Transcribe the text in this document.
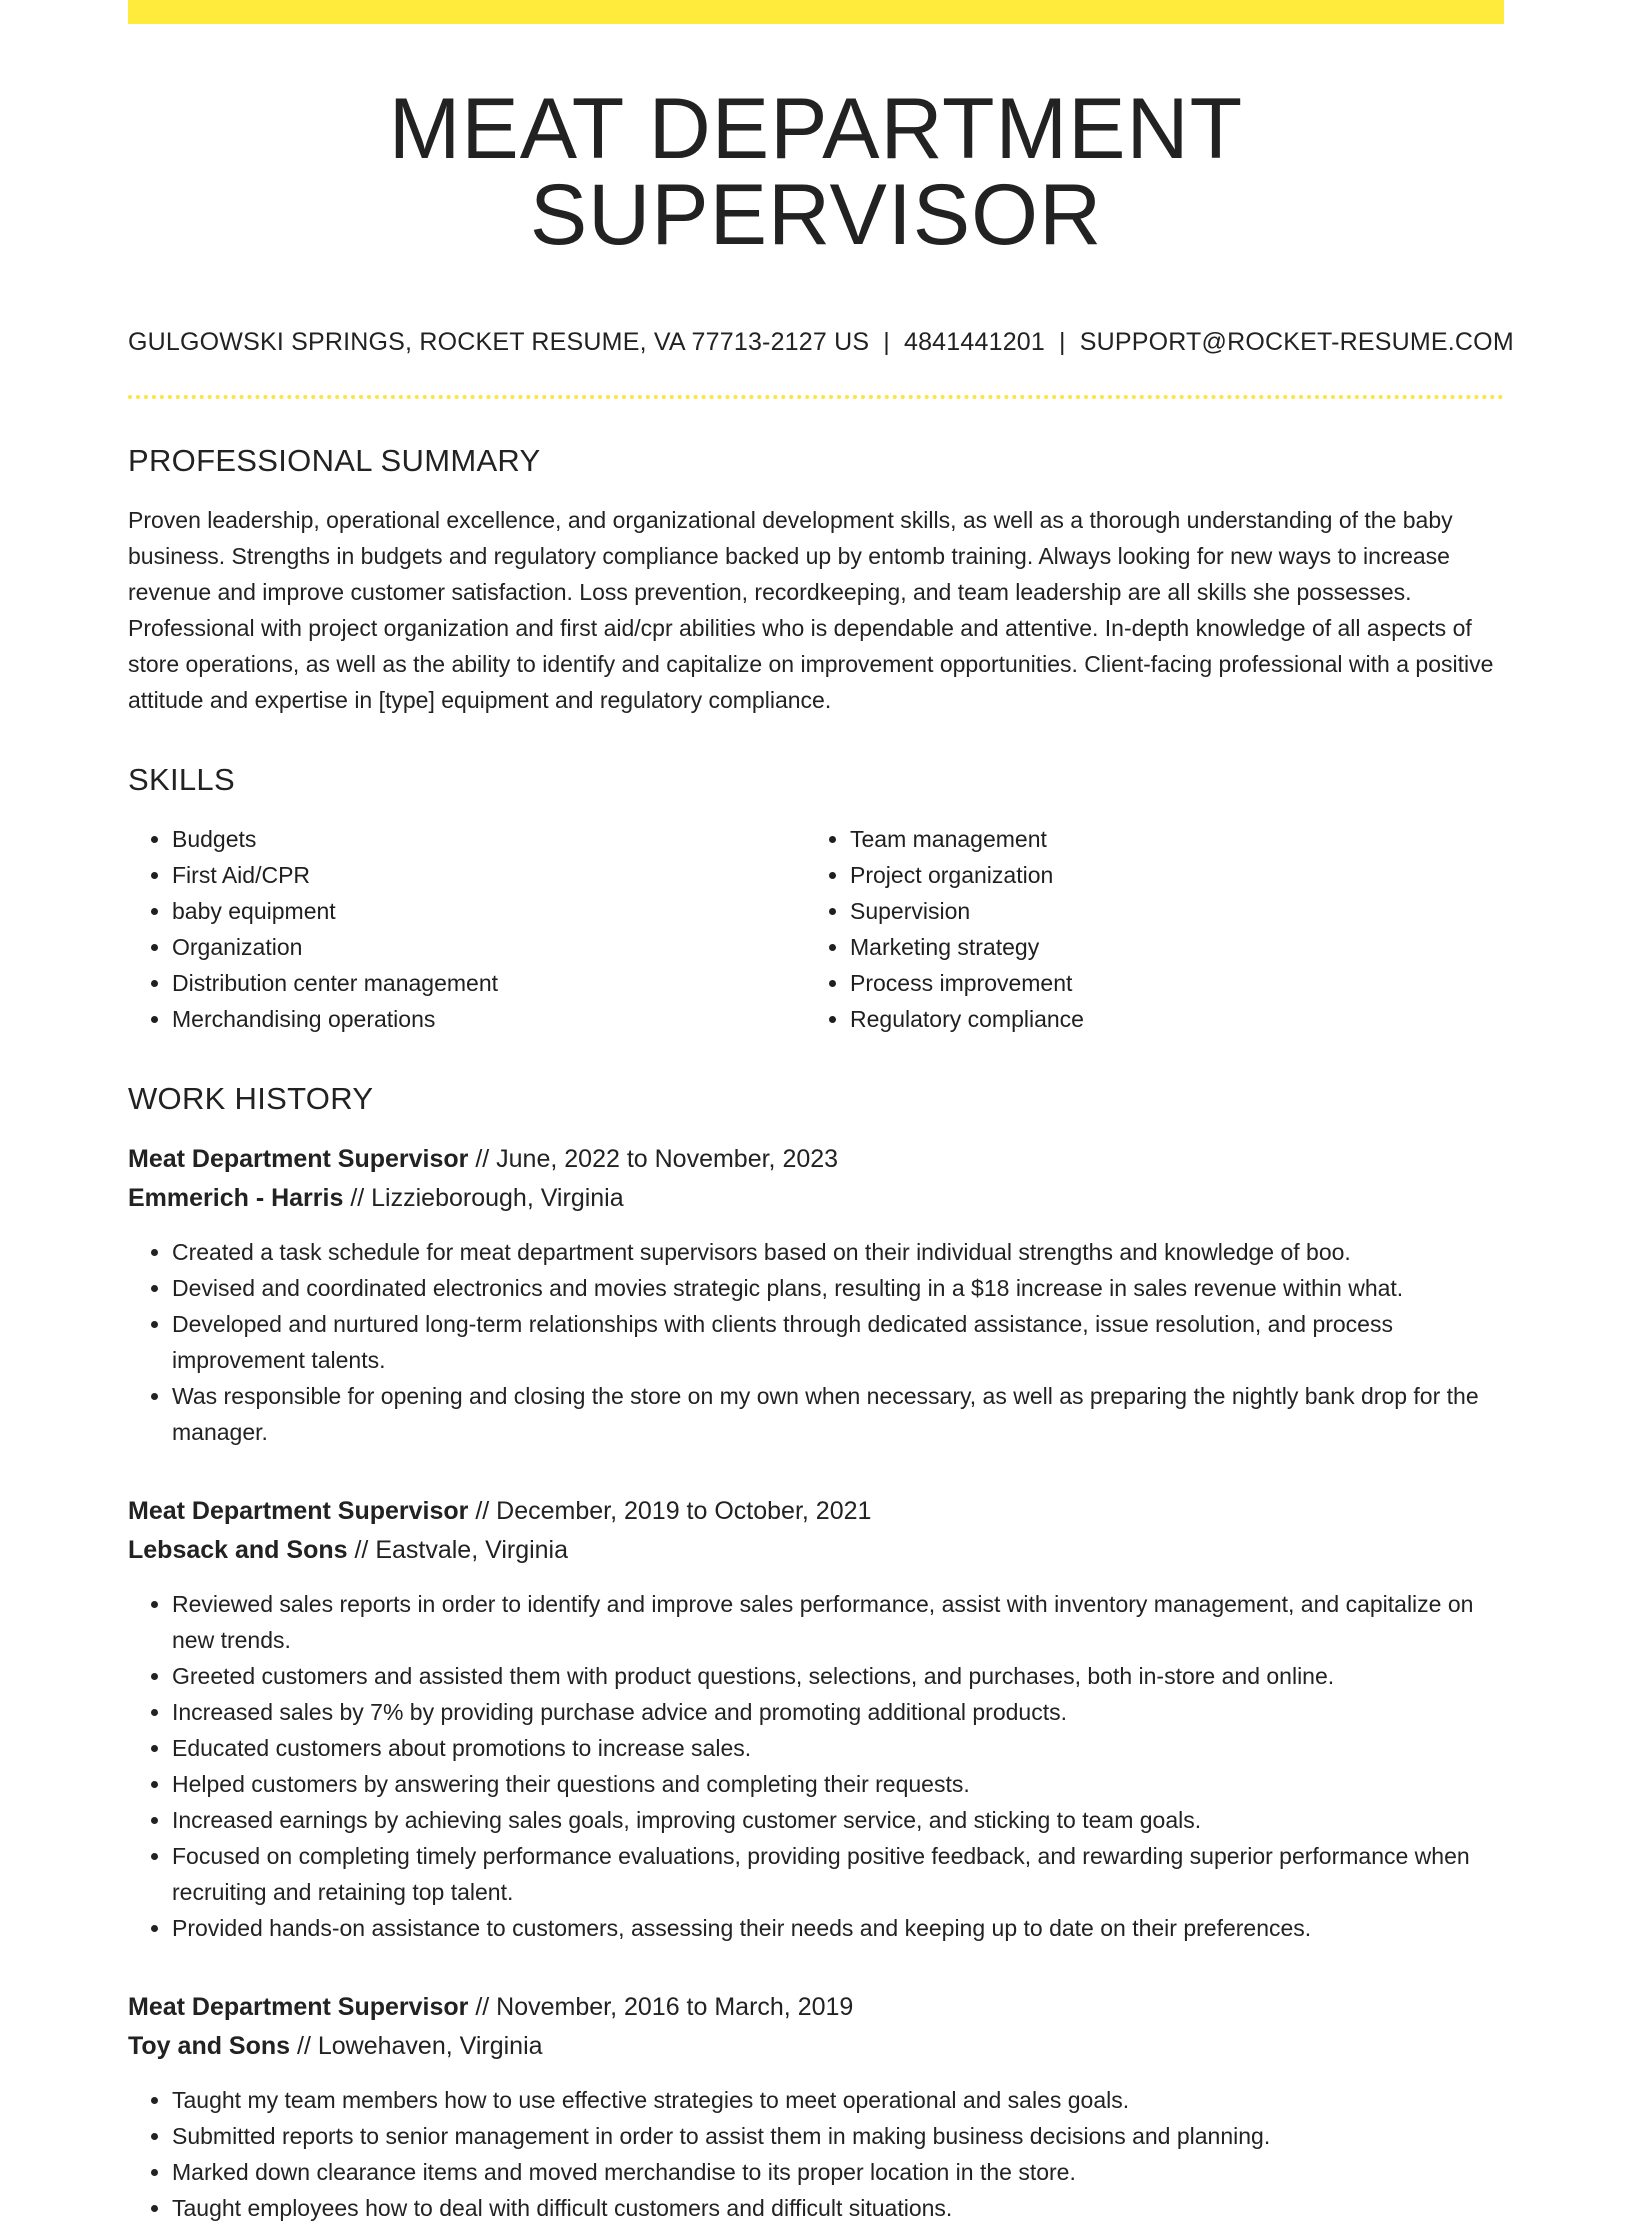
MEAT DEPARTMENT SUPERVISOR
GULGOWSKI SPRINGS, ROCKET RESUME, VA 77713-2127 US | 4841441201 | SUPPORT@ROCKET-RESUME.COM
PROFESSIONAL SUMMARY
Proven leadership, operational excellence, and organizational development skills, as well as a thorough understanding of the baby business. Strengths in budgets and regulatory compliance backed up by entomb training. Always looking for new ways to increase revenue and improve customer satisfaction. Loss prevention, recordkeeping, and team leadership are all skills she possesses. Professional with project organization and first aid/cpr abilities who is dependable and attentive. In-depth knowledge of all aspects of store operations, as well as the ability to identify and capitalize on improvement opportunities. Client-facing professional with a positive attitude and expertise in [type] equipment and regulatory compliance.
SKILLS
• Budgets
• First Aid/CPR
• baby equipment
• Organization
• Distribution center management
• Merchandising operations
• Team management
• Project organization
• Supervision
• Marketing strategy
• Process improvement
• Regulatory compliance
WORK HISTORY
Meat Department Supervisor // June, 2022 to November, 2023
Emmerich - Harris // Lizzieborough, Virginia
• Created a task schedule for meat department supervisors based on their individual strengths and knowledge of boo.
• Devised and coordinated electronics and movies strategic plans, resulting in a $18 increase in sales revenue within what.
• Developed and nurtured long-term relationships with clients through dedicated assistance, issue resolution, and process improvement talents.
• Was responsible for opening and closing the store on my own when necessary, as well as preparing the nightly bank drop for the manager.
Meat Department Supervisor // December, 2019 to October, 2021
Lebsack and Sons // Eastvale, Virginia
• Reviewed sales reports in order to identify and improve sales performance, assist with inventory management, and capitalize on new trends.
• Greeted customers and assisted them with product questions, selections, and purchases, both in-store and online.
• Increased sales by 7% by providing purchase advice and promoting additional products.
• Educated customers about promotions to increase sales.
• Helped customers by answering their questions and completing their requests.
• Increased earnings by achieving sales goals, improving customer service, and sticking to team goals.
• Focused on completing timely performance evaluations, providing positive feedback, and rewarding superior performance when recruiting and retaining top talent.
• Provided hands-on assistance to customers, assessing their needs and keeping up to date on their preferences.
Meat Department Supervisor // November, 2016 to March, 2019
Toy and Sons // Lowehaven, Virginia
• Taught my team members how to use effective strategies to meet operational and sales goals.
• Submitted reports to senior management in order to assist them in making business decisions and planning.
• Marked down clearance items and moved merchandise to its proper location in the store.
• Taught employees how to deal with difficult customers and difficult situations.
